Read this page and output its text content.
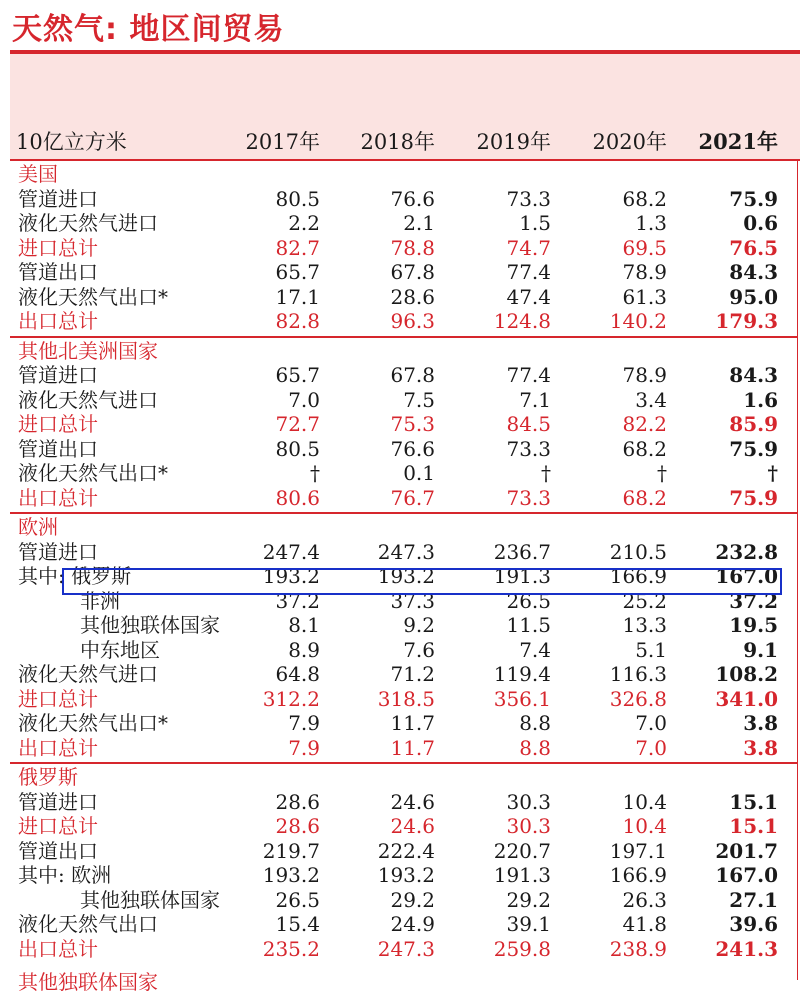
天然气: 地区间贸易
10亿立方米	2017年	2018年	2019年	2020年	2021年
美国
管道进口	80.5	76.6	73.3	68.2	75.9
液化天然气进口	2.2	2.1	1.5	1.3	0.6
进口总计	82.7	78.8	74.7	69.5	76.5
管道出口	65.7	67.8	77.4	78.9	84.3
液化天然气出口*	17.1	28.6	47.4	61.3	95.0
出口总计	82.8	96.3	124.8	140.2	179.3
其他北美洲国家
管道进口	65.7	67.8	77.4	78.9	84.3
液化天然气进口	7.0	7.5	7.1	3.4	1.6
进口总计	72.7	75.3	84.5	82.2	85.9
管道出口	80.5	76.6	73.3	68.2	75.9
液化天然气出口*	†	0.1	†	†	†
出口总计	80.6	76.7	73.3	68.2	75.9
欧洲
管道进口	247.4	247.3	236.7	210.5	232.8
其中: 俄罗斯	193.2	193.2	191.3	166.9	167.0
非洲	37.2	37.3	26.5	25.2	37.2
其他独联体国家	8.1	9.2	11.5	13.3	19.5
中东地区	8.9	7.6	7.4	5.1	9.1
液化天然气进口	64.8	71.2	119.4	116.3	108.2
进口总计	312.2	318.5	356.1	326.8	341.0
液化天然气出口*	7.9	11.7	8.8	7.0	3.8
出口总计	7.9	11.7	8.8	7.0	3.8
俄罗斯
管道进口	28.6	24.6	30.3	10.4	15.1
进口总计	28.6	24.6	30.3	10.4	15.1
管道出口	219.7	222.4	220.7	197.1	201.7
其中: 欧洲	193.2	193.2	191.3	166.9	167.0
其他独联体国家	26.5	29.2	29.2	26.3	27.1
液化天然气出口	15.4	24.9	39.1	41.8	39.6
出口总计	235.2	247.3	259.8	238.9	241.3
其他独联体国家
